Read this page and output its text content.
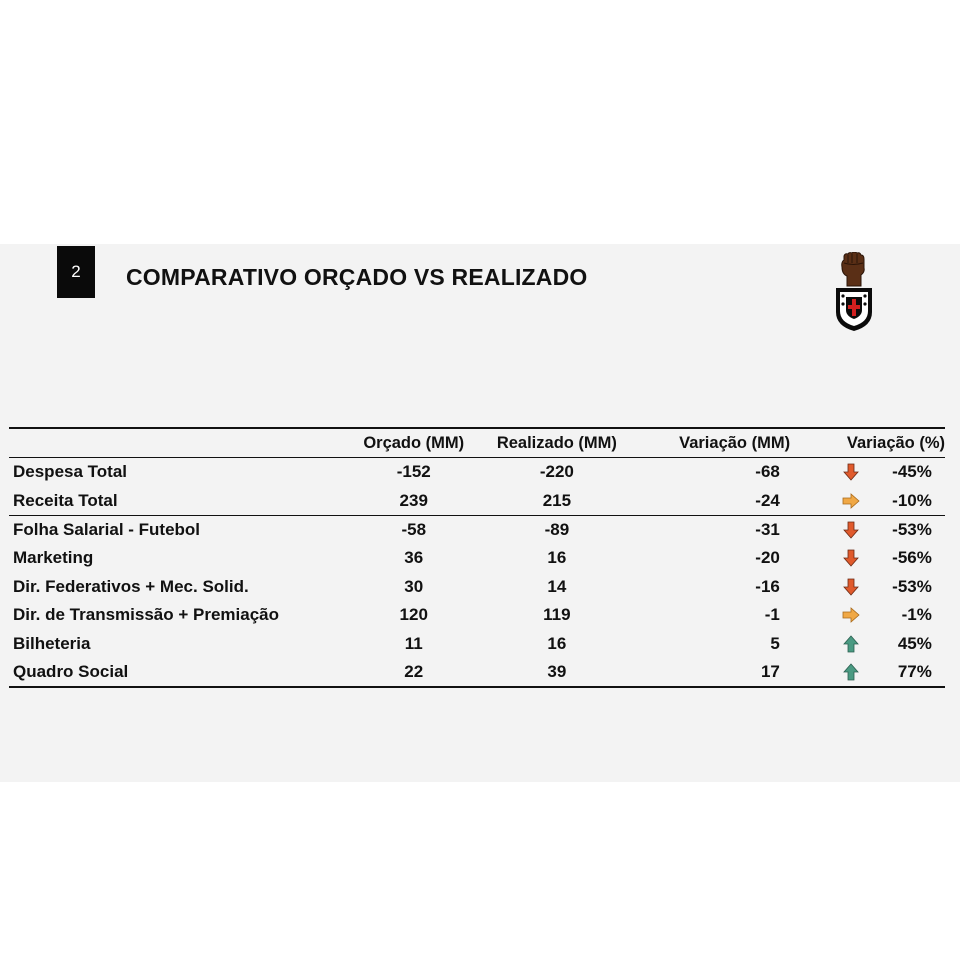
2	COMPARATIVO ORÇADO VS REALIZADO
	Orçado (MM)	Realizado (MM)	Variação (MM)	Variação (%)
Despesa Total	-152	-220	-68	-45%

Receita Total	239	215	-24	-10%

Folha Salarial - Futebol	-58	-89	-31	-53%

Marketing	36	16	-20	-56%

Dir. Federativos + Mec. Solid.	30	14	-16	-53%

Dir. de Transmissão + Premiação	120	119	-1	-1%

Bilheteria	11	16	5	45%

Quadro Social	22	39	17	77%
